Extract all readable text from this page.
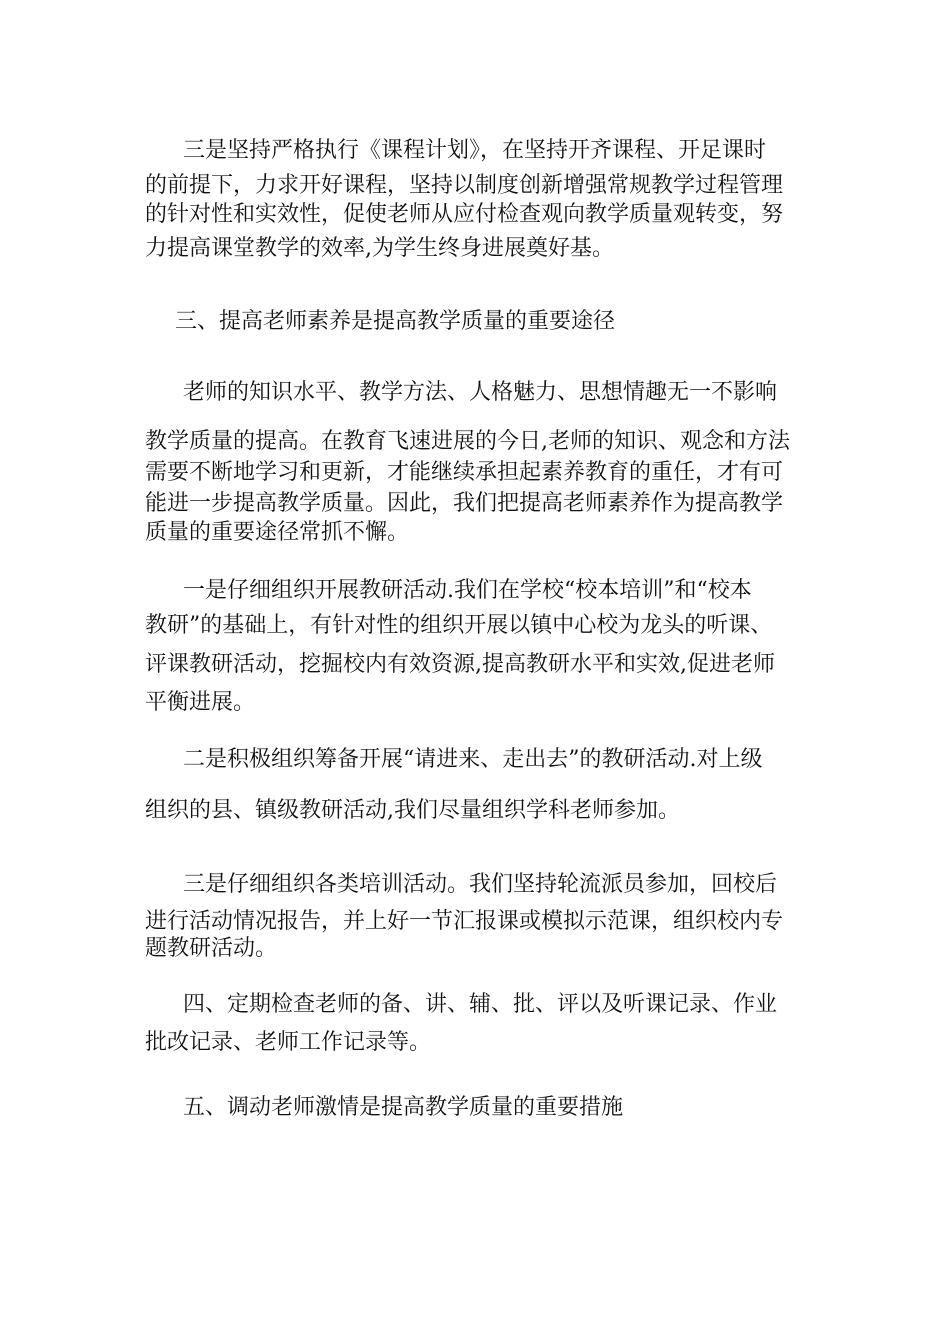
三是坚持严格执行《课程计划》，在坚持开齐课程、开足课时
的前提下，力求开好课程，坚持以制度创新增强常规教学过程管理
的针对性和实效性，促使老师从应付检查观向教学质量观转变，努
力提高课堂教学的效率,为学生终身进展奠好基。
三、提高老师素养是提高教学质量的重要途径
老师的知识水平、教学方法、人格魅力、思想情趣无一不影响
教学质量的提高。在教育飞速进展的今日,老师的知识、观念和方法
需要不断地学习和更新，才能继续承担起素养教育的重任，才有可
能进一步提高教学质量。因此，我们把提高老师素养作为提高教学
质量的重要途径常抓不懈。
一是仔细组织开展教研活动.我们在学校“校本培训”和“校本
教研”的基础上，有针对性的组织开展以镇中心校为龙头的听课、
评课教研活动，挖掘校内有效资源,提高教研水平和实效,促进老师
平衡进展。
二是积极组织筹备开展“请进来、走出去”的教研活动.对上级
组织的县、镇级教研活动,我们尽量组织学科老师参加。
三是仔细组织各类培训活动。我们坚持轮流派员参加，回校后
进行活动情况报告，并上好一节汇报课或模拟示范课，组织校内专
题教研活动。
四、定期检查老师的备、讲、辅、批、评以及听课记录、作业
批改记录、老师工作记录等。
五、调动老师激情是提高教学质量的重要措施
